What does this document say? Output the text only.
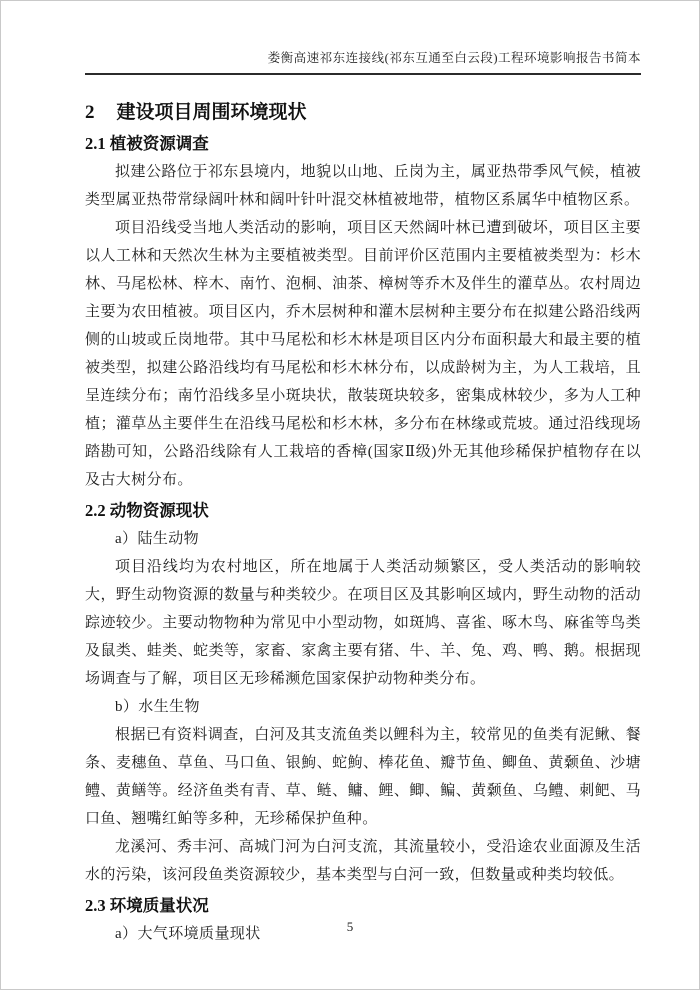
娄衡高速祁东连接线(祁东互通至白云段)工程环境影响报告书简本
2 建设项目周围环境现状
2.1 植被资源调查

拟建公路位于祁东县境内，地貌以山地、丘岗为主，属亚热带季风气候，植被类型属亚热带常绿阔叶林和阔叶针叶混交林植被地带，植物区系属华中植物区系。

项目沿线受当地人类活动的影响，项目区天然阔叶林已遭到破坏，项目区主要以人工林和天然次生林为主要植被类型。目前评价区范围内主要植被类型为：杉木林、马尾松林、梓木、南竹、泡桐、油茶、樟树等乔木及伴生的灌草丛。农村周边主要为农田植被。项目区内，乔木层树种和灌木层树种主要分布在拟建公路沿线两侧的山坡或丘岗地带。其中马尾松和杉木林是项目区内分布面积最大和最主要的植被类型，拟建公路沿线均有马尾松和杉木林分布，以成龄树为主，为人工栽培，且呈连续分布；南竹沿线多呈小斑块状，散装斑块较多，密集成林较少，多为人工种植；灌草丛主要伴生在沿线马尾松和杉木林，多分布在林缘或荒坡。通过沿线现场踏勘可知，公路沿线除有人工栽培的香樟(国家Ⅱ级)外无其他珍稀保护植物存在以及古大树分布。

2.2 动物资源现状
a）陆生动物

项目沿线均为农村地区，所在地属于人类活动频繁区，受人类活动的影响较大，野生动物资源的数量与种类较少。在项目区及其影响区域内，野生动物的活动踪迹较少。主要动物物种为常见中小型动物，如斑鸠、喜雀、啄木鸟、麻雀等鸟类及鼠类、蛙类、蛇类等，家畜、家禽主要有猪、牛、羊、兔、鸡、鸭、鹅。根据现场调查与了解，项目区无珍稀濒危国家保护动物种类分布。

b）水生生物

根据已有资料调查，白河及其支流鱼类以鲤科为主，较常见的鱼类有泥鳅、餐条、麦穗鱼、草鱼、马口鱼、银鮈、蛇鮈、棒花鱼、瓣节鱼、鲫鱼、黄颡鱼、沙塘鳢、黄鳝等。经济鱼类有青、草、鲢、鳙、鲤、鲫、鳊、黄颡鱼、乌鳢、刺鲃、马口鱼、翘嘴红鲌等多种，无珍稀保护鱼种。

龙溪河、秀丰河、高城门河为白河支流，其流量较小，受沿途农业面源及生活水的污染，该河段鱼类资源较少，基本类型与白河一致，但数量或种类均较低。

2.3 环境质量状况
a）大气环境质量现状	5
